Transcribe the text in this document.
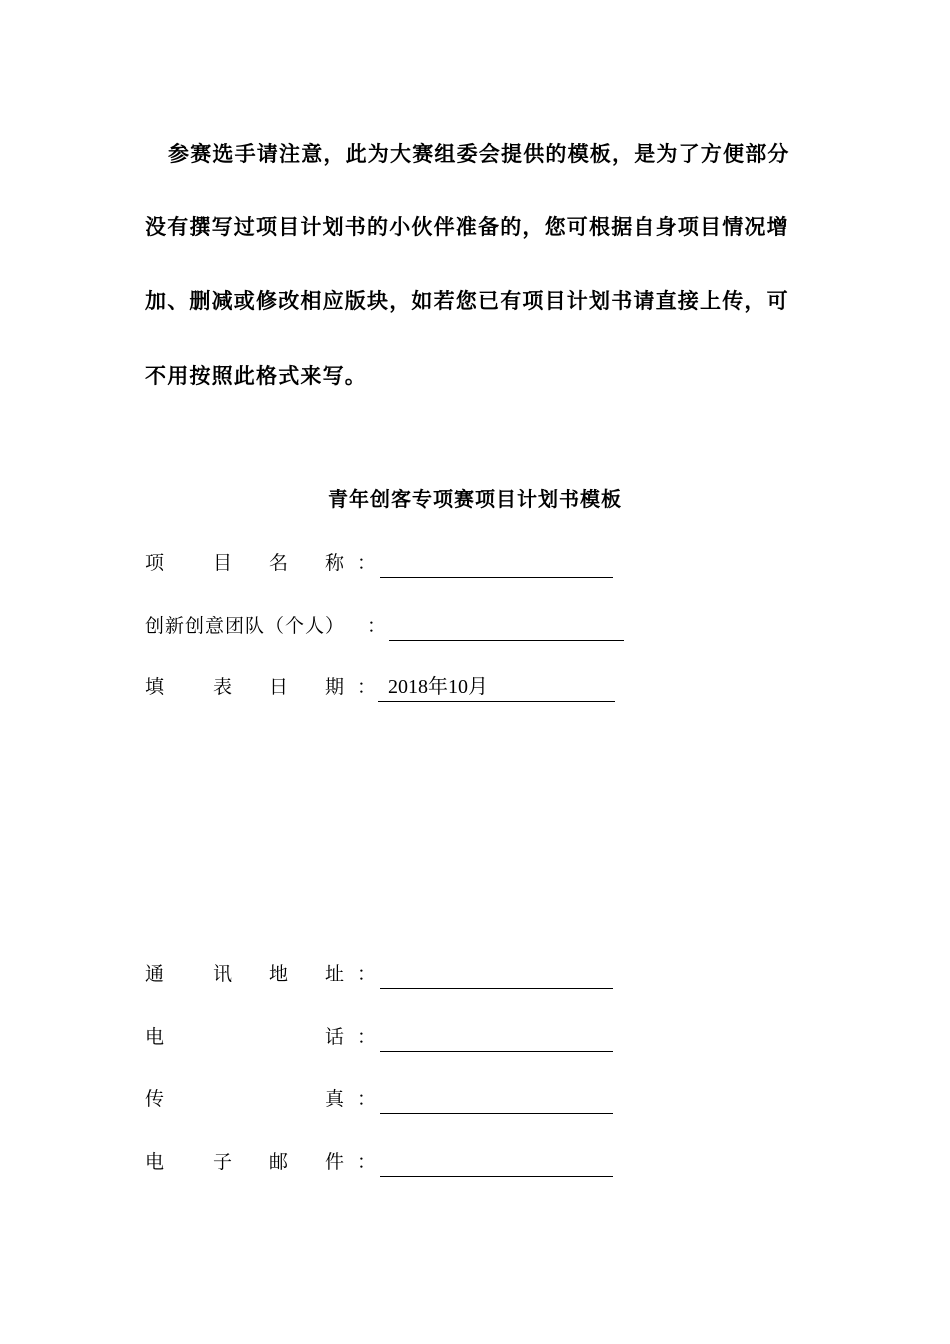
参赛选手请注意，此为大赛组委会提供的模板，是为了方便部分
没有撰写过项目计划书的小伙伴准备的，您可根据自身项目情况增
加、删减或修改相应版块，如若您已有项目计划书请直接上传，可
不用按照此格式来写。
青年创客专项赛项目计划书模板
项	目 名 称 ：
创新创意团队（个人） ：
填	表 日 期 ： 2018年10月
通	讯 地 址 ：
电	话 ：
传	真 ：
电	子 邮 件 ：
